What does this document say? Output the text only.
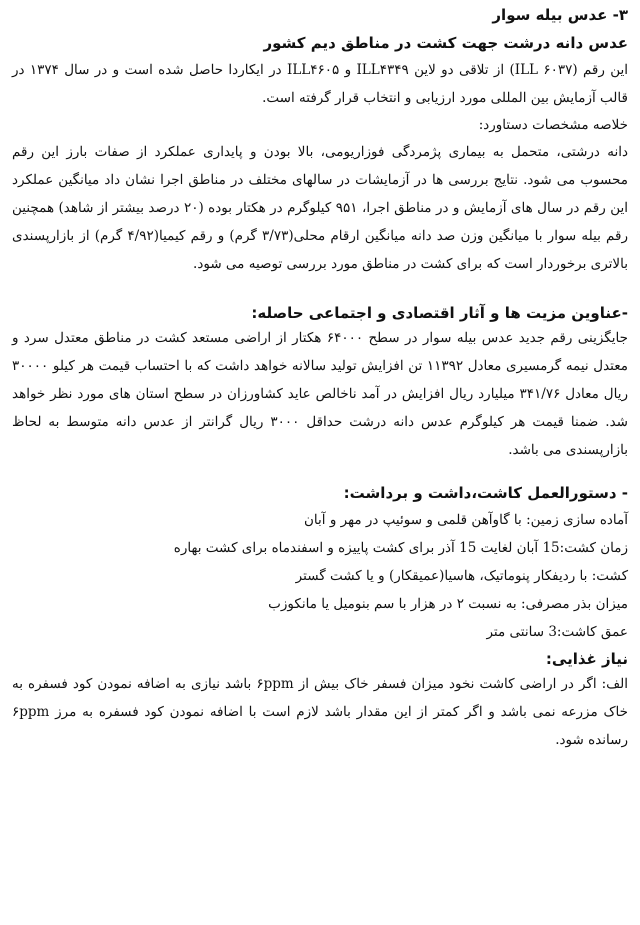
۳- عدس بیله سوار
عدس دانه درشت جهت کشت در مناطق دیم کشور

این رقم (ILL ۶۰۳۷) از تلاقی دو لاین ILL۴۳۴۹ و ILL۴۶۰۵ در ایکاردا حاصل شده است و در سال ۱۳۷۴ در قالب آزمایش بین المللی مورد ارزیابی و انتخاب قرار گرفته است.

خلاصه مشخصات دستاورد:

دانه درشتی، متحمل به بیماری پژمردگی فوزاریومی، بالا بودن و پایداری عملکرد از صفات بارز این رقم محسوب می شود. نتایج بررسی ها در آزمایشات در سالهای مختلف در مناطق اجرا نشان داد میانگین عملکرد این رقم در سال های آزمایش و در مناطق اجرا، ۹۵۱ کیلوگرم در هکتار بوده (۲۰ درصد بیشتر از شاهد) همچنین رقم بیله سوار با میانگین وزن صد دانه میانگین ارقام محلی(۳/۷۳ گرم) و رقم کیمیا(۴/۹۲ گرم) از بازارپسندی بالاتری برخوردار است که برای کشت در مناطق مورد بررسی توصیه می شود.

-عناوین مزیت ها و آثار اقتصادی و اجتماعی حاصله:

جایگزینی رقم جدید عدس بیله سوار در سطح ۶۴۰۰۰ هکتار از اراضی مستعد کشت در مناطق معتدل سرد و معتدل نیمه گرمسیری معادل ۱۱۳۹۲ تن افزایش تولید سالانه خواهد داشت که با احتساب قیمت هر کیلو ۳۰۰۰۰ ریال معادل ۳۴۱/۷۶ میلیارد ریال افزایش در آمد ناخالص عاید کشاورزان در سطح استان های مورد نظر خواهد شد. ضمنا قیمت هر کیلوگرم عدس دانه درشت حداقل ۳۰۰۰ ریال گرانتر از عدس دانه متوسط به لحاظ بازارپسندی می باشد.

- دستورالعمل کاشت،داشت و برداشت:

آماده سازی زمین: با گاوآهن قلمی و سوئیپ در مهر و آبان

زمان کشت:15 آبان لغایت 15 آذر برای کشت پاییزه و اسفندماه برای کشت بهاره

کشت: با ردیفکار پنوماتیک، هاسیا(عمیقکار) و یا کشت گستر

میزان بذر مصرفی: به نسبت ۲ در هزار با سم بنومیل یا مانکوزب

عمق کاشت:3 سانتی متر

نیاز غذایی:

الف: اگر در اراضی کاشت نخود میزان فسفر خاک بیش از ۶ppm باشد نیازی به اضافه نمودن کود فسفره به خاک مزرعه نمی باشد و اگر کمتر از این مقدار باشد لازم است با اضافه نمودن کود فسفره به مرز ۶ppm رسانده شود.
